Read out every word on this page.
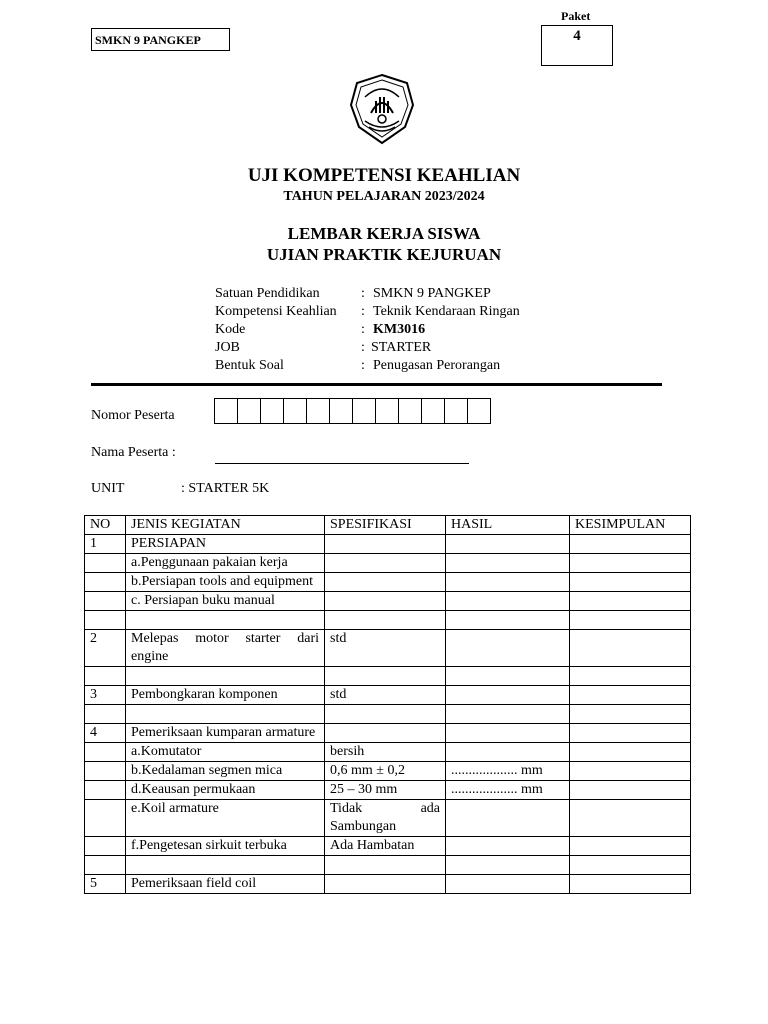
SMKN 9 PANGKEP
Paket
4
UJI KOMPETENSI KEAHLIAN
TAHUN PELAJARAN 2023/2024
LEMBAR KERJA SISWA
UJIAN PRAKTIK KEJURUAN
Satuan Pendidikan	: SMKN 9 PANGKEP
Kompetensi Keahlian	: Teknik Kendaraan Ringan
Kode	: KM3016
JOB	: STARTER
Bentuk Soal	: Penugasan Perorangan
Nomor Peserta
Nama Peserta :
UNIT	: STARTER 5K
NO	JENIS KEGIATAN	SPESIFIKASI	HASIL	KESIMPULAN
1	PERSIAPAN			
	a.Penggunaan pakaian kerja			
	b.Persiapan tools and equipment			
	c. Persiapan buku manual			

2	Melepas motor starter dari engine	std		

3	Pembongkaran komponen	std		

4	Pemeriksaan kumparan armature			
	a.Komutator	bersih		
	b.Kedalaman segmen mica	0,6 mm ± 0,2	................... mm	
	d.Keausan permukaan	25 – 30 mm	................... mm	
	e.Koil armature	Tidak ada Sambungan		
	f.Pengetesan sirkuit terbuka	Ada Hambatan		

5	Pemeriksaan field coil			
